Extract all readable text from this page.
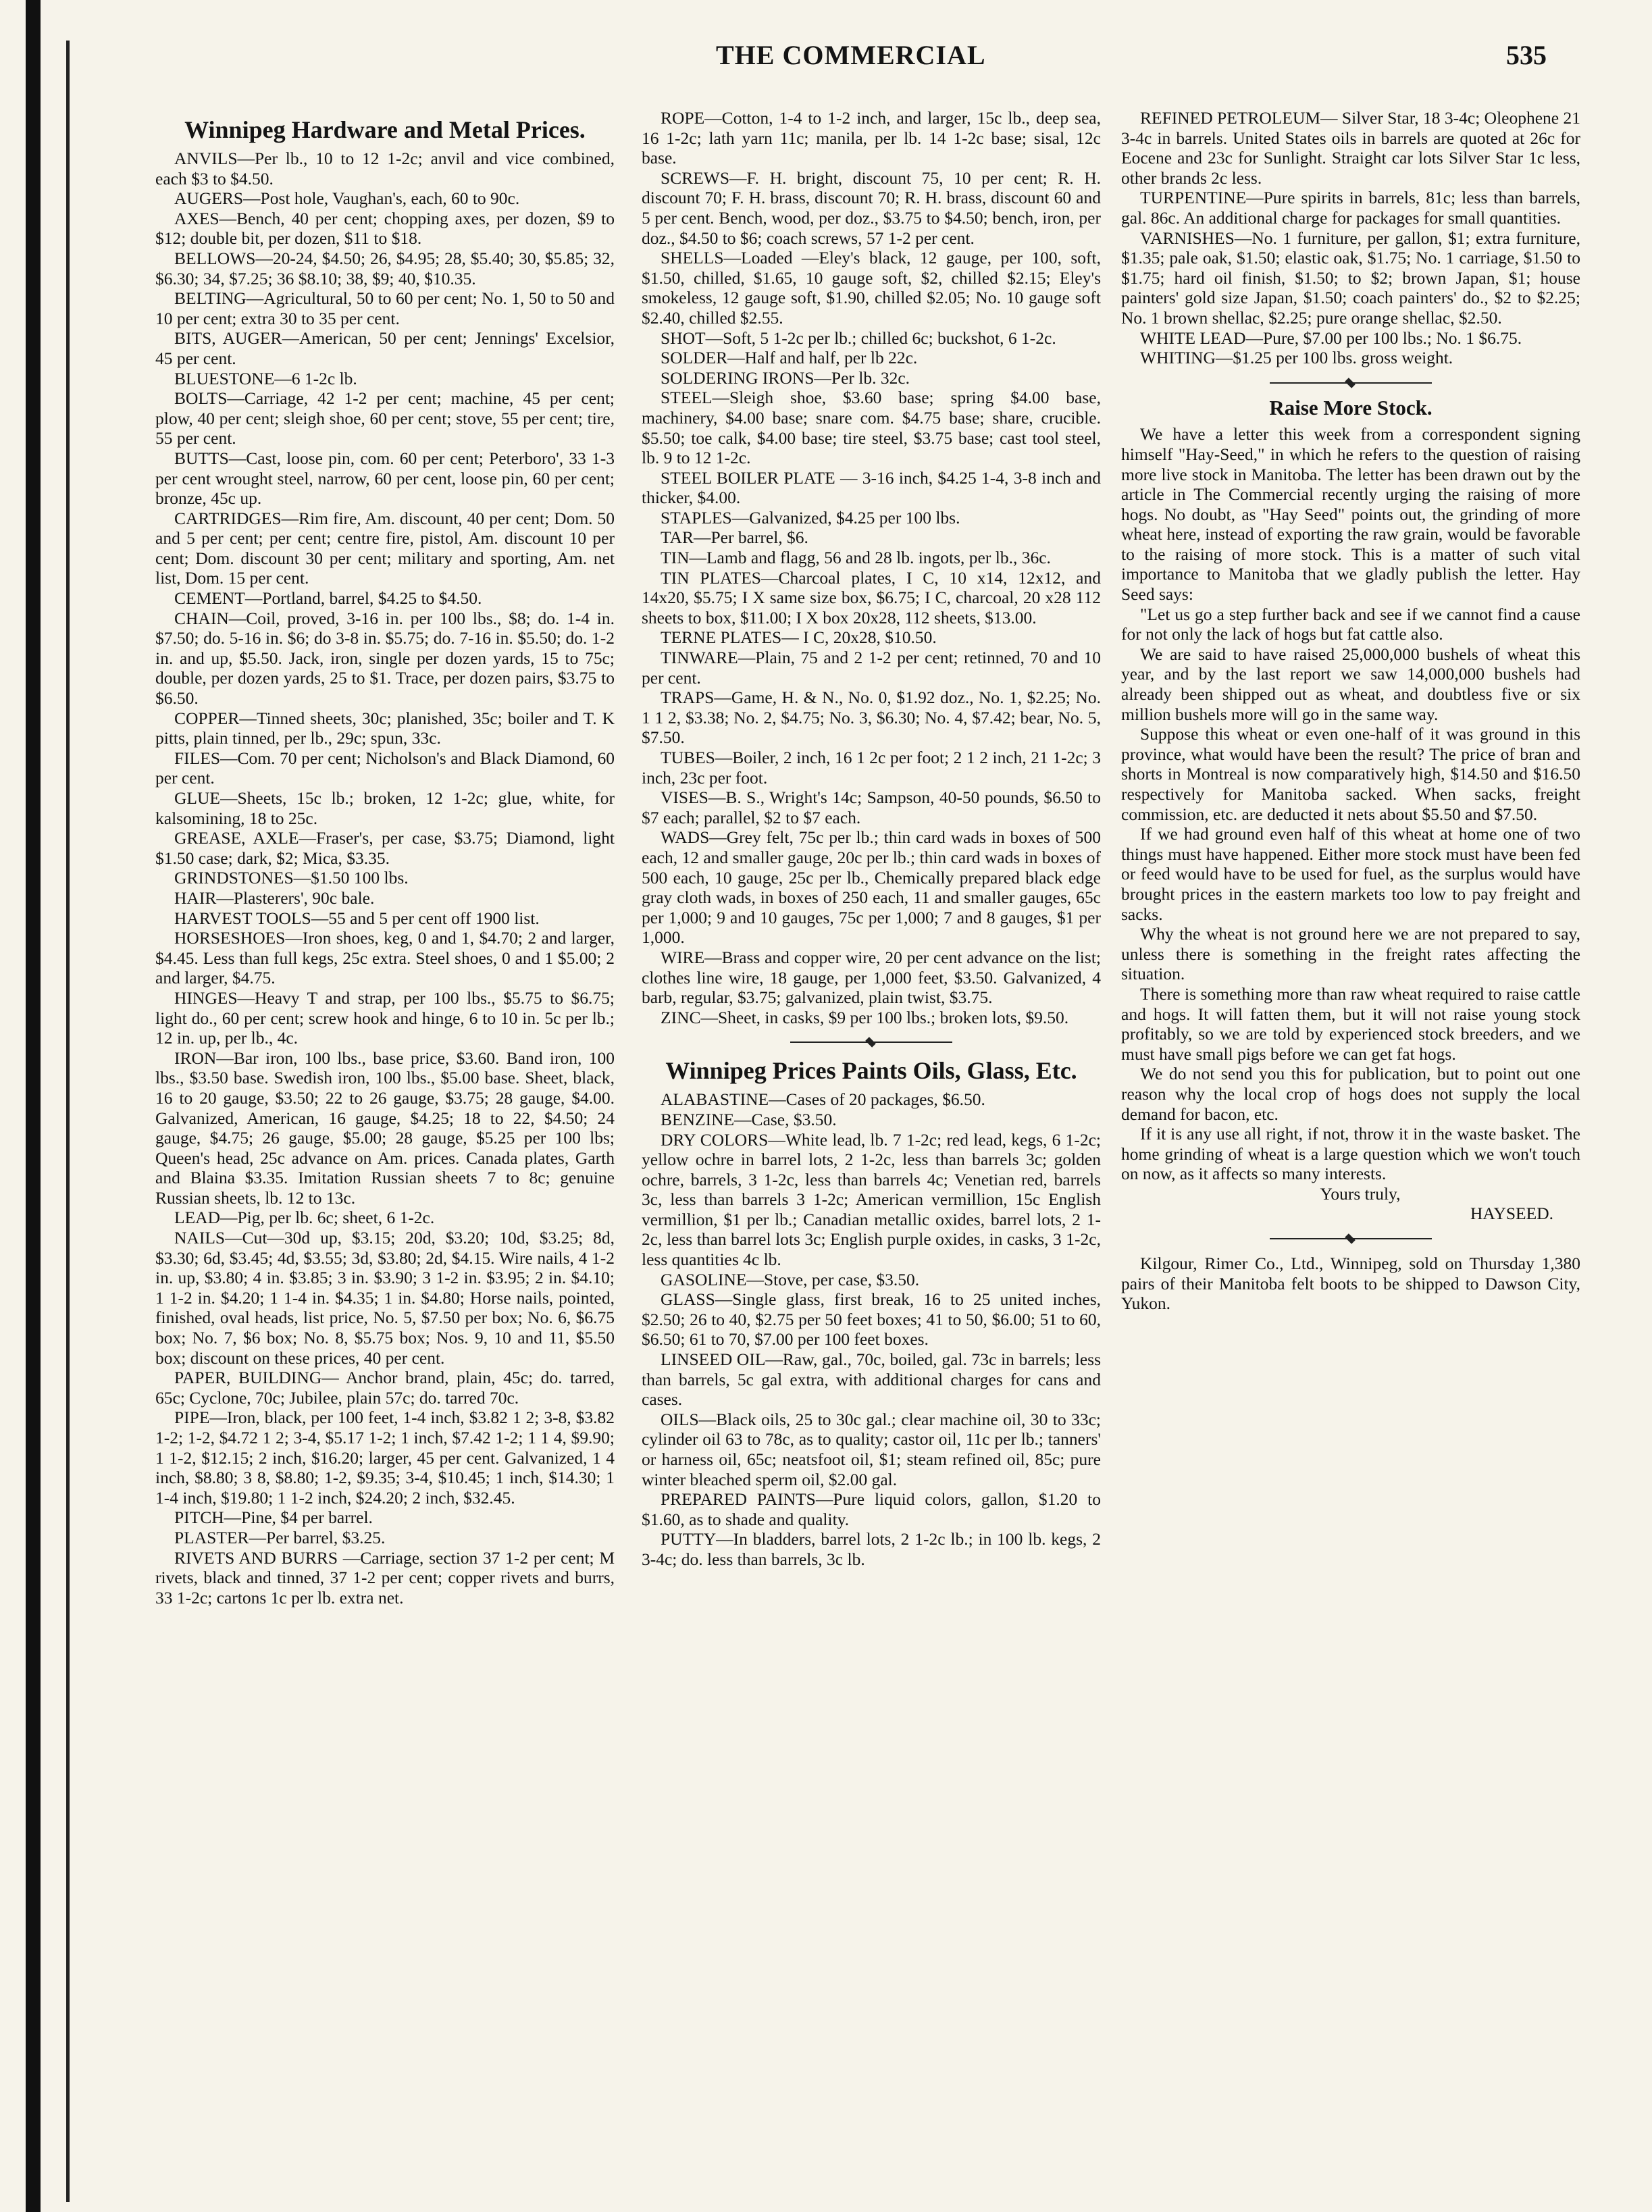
THE COMMERCIAL	535
Winnipeg Hardware and Metal Prices.

ANVILS—Per lb., 10 to 12 1-2c; anvil and vice combined, each $3 to $4.50.

AUGERS—Post hole, Vaughan's, each, 60 to 90c.

AXES—Bench, 40 per cent; chopping axes, per dozen, $9 to $12; double bit, per dozen, $11 to $18.

BELLOWS—20-24, $4.50; 26, $4.95; 28, $5.40; 30, $5.85; 32, $6.30; 34, $7.25; 36 $8.10; 38, $9; 40, $10.35.

BELTING—Agricultural, 50 to 60 per cent; No. 1, 50 to 50 and 10 per cent; extra 30 to 35 per cent.

BITS, AUGER—American, 50 per cent; Jennings' Excelsior, 45 per cent.

BLUESTONE—6 1-2c lb.

BOLTS—Carriage, 42 1-2 per cent; machine, 45 per cent; plow, 40 per cent; sleigh shoe, 60 per cent; stove, 55 per cent; tire, 55 per cent.

BUTTS—Cast, loose pin, com. 60 per cent; Peterboro', 33 1-3 per cent wrought steel, narrow, 60 per cent, loose pin, 60 per cent; bronze, 45c up.

CARTRIDGES—Rim fire, Am. discount, 40 per cent; Dom. 50 and 5 per cent; per cent; centre fire, pistol, Am. discount 10 per cent; Dom. discount 30 per cent; military and sporting, Am. net list, Dom. 15 per cent.

CEMENT—Portland, barrel, $4.25 to $4.50.

CHAIN—Coil, proved, 3-16 in. per 100 lbs., $8; do. 1-4 in. $7.50; do. 5-16 in. $6; do 3-8 in. $5.75; do. 7-16 in. $5.50; do. 1-2 in. and up, $5.50. Jack, iron, single per dozen yards, 15 to 75c; double, per dozen yards, 25 to $1. Trace, per dozen pairs, $3.75 to $6.50.

COPPER—Tinned sheets, 30c; planished, 35c; boiler and T. K pitts, plain tinned, per lb., 29c; spun, 33c.

FILES—Com. 70 per cent; Nicholson's and Black Diamond, 60 per cent.

GLUE—Sheets, 15c lb.; broken, 12 1-2c; glue, white, for kalsomining, 18 to 25c.

GREASE, AXLE—Fraser's, per case, $3.75; Diamond, light $1.50 case; dark, $2; Mica, $3.35.

GRINDSTONES—$1.50 100 lbs.

HAIR—Plasterers', 90c bale.

HARVEST TOOLS—55 and 5 per cent off 1900 list.

HORSESHOES—Iron shoes, keg, 0 and 1, $4.70; 2 and larger, $4.45. Less than full kegs, 25c extra. Steel shoes, 0 and 1 $5.00; 2 and larger, $4.75.

HINGES—Heavy T and strap, per 100 lbs., $5.75 to $6.75; light do., 60 per cent; screw hook and hinge, 6 to 10 in. 5c per lb.; 12 in. up, per lb., 4c.

IRON—Bar iron, 100 lbs., base price, $3.60. Band iron, 100 lbs., $3.50 base. Swedish iron, 100 lbs., $5.00 base. Sheet, black, 16 to 20 gauge, $3.50; 22 to 26 gauge, $3.75; 28 gauge, $4.00. Galvanized, American, 16 gauge, $4.25; 18 to 22, $4.50; 24 gauge, $4.75; 26 gauge, $5.00; 28 gauge, $5.25 per 100 lbs; Queen's head, 25c advance on Am. prices. Canada plates, Garth and Blaina $3.35. Imitation Russian sheets 7 to 8c; genuine Russian sheets, lb. 12 to 13c.

LEAD—Pig, per lb. 6c; sheet, 6 1-2c.

NAILS—Cut—30d up, $3.15; 20d, $3.20; 10d, $3.25; 8d, $3.30; 6d, $3.45; 4d, $3.55; 3d, $3.80; 2d, $4.15. Wire nails, 4 1-2 in. up, $3.80; 4 in. $3.85; 3 in. $3.90; 3 1-2 in. $3.95; 2 in. $4.10; 1 1-2 in. $4.20; 1 1-4 in. $4.35; 1 in. $4.80; Horse nails, pointed, finished, oval heads, list price, No. 5, $7.50 per box; No. 6, $6.75 box; No. 7, $6 box; No. 8, $5.75 box; Nos. 9, 10 and 11, $5.50 box; discount on these prices, 40 per cent.

PAPER, BUILDING— Anchor brand, plain, 45c; do. tarred, 65c; Cyclone, 70c; Jubilee, plain 57c; do. tarred 70c.

PIPE—Iron, black, per 100 feet, 1-4 inch, $3.82 1 2; 3-8, $3.82 1-2; 1-2, $4.72 1 2; 3-4, $5.17 1-2; 1 inch, $7.42 1-2; 1 1 4, $9.90; 1 1-2, $12.15; 2 inch, $16.20; larger, 45 per cent. Galvanized, 1 4 inch, $8.80; 3 8, $8.80; 1-2, $9.35; 3-4, $10.45; 1 inch, $14.30; 1 1-4 inch, $19.80; 1 1-2 inch, $24.20; 2 inch, $32.45.

PITCH—Pine, $4 per barrel.

PLASTER—Per barrel, $3.25.

RIVETS AND BURRS —Carriage, section 37 1-2 per cent; M rivets, black and tinned, 37 1-2 per cent; copper rivets and burrs, 33 1-2c; cartons 1c per lb. extra net.

ROPE—Cotton, 1-4 to 1-2 inch, and larger, 15c lb., deep sea, 16 1-2c; lath yarn 11c; manila, per lb. 14 1-2c base; sisal, 12c base.

SCREWS—F. H. bright, discount 75, 10 per cent; R. H. discount 70; F. H. brass, discount 70; R. H. brass, discount 60 and 5 per cent. Bench, wood, per doz., $3.75 to $4.50; bench, iron, per doz., $4.50 to $6; coach screws, 57 1-2 per cent.

SHELLS—Loaded —Eley's black, 12 gauge, per 100, soft, $1.50, chilled, $1.65, 10 gauge soft, $2, chilled $2.15; Eley's smokeless, 12 gauge soft, $1.90, chilled $2.05; No. 10 gauge soft $2.40, chilled $2.55.

SHOT—Soft, 5 1-2c per lb.; chilled 6c; buckshot, 6 1-2c.

SOLDER—Half and half, per lb 22c.

SOLDERING IRONS—Per lb. 32c.

STEEL—Sleigh shoe, $3.60 base; spring $4.00 base, machinery, $4.00 base; snare com. $4.75 base; share, crucible. $5.50; toe calk, $4.00 base; tire steel, $3.75 base; cast tool steel, lb. 9 to 12 1-2c.

STEEL BOILER PLATE — 3-16 inch, $4.25 1-4, 3-8 inch and thicker, $4.00.

STAPLES—Galvanized, $4.25 per 100 lbs.

TAR—Per barrel, $6.

TIN—Lamb and flagg, 56 and 28 lb. ingots, per lb., 36c.

TIN PLATES—Charcoal plates, I C, 10 x14, 12x12, and 14x20, $5.75; I X same size box, $6.75; I C, charcoal, 20 x28 112 sheets to box, $11.00; I X box 20x28, 112 sheets, $13.00.

TERNE PLATES— I C, 20x28, $10.50.

TINWARE—Plain, 75 and 2 1-2 per cent; retinned, 70 and 10 per cent.

TRAPS—Game, H. & N., No. 0, $1.92 doz., No. 1, $2.25; No. 1 1 2, $3.38; No. 2, $4.75; No. 3, $6.30; No. 4, $7.42; bear, No. 5, $7.50.

TUBES—Boiler, 2 inch, 16 1 2c per foot; 2 1 2 inch, 21 1-2c; 3 inch, 23c per foot.

VISES—B. S., Wright's 14c; Sampson, 40-50 pounds, $6.50 to $7 each; parallel, $2 to $7 each.

WADS—Grey felt, 75c per lb.; thin card wads in boxes of 500 each, 12 and smaller gauge, 20c per lb.; thin card wads in boxes of 500 each, 10 gauge, 25c per lb., Chemically prepared black edge gray cloth wads, in boxes of 250 each, 11 and smaller gauges, 65c per 1,000; 9 and 10 gauges, 75c per 1,000; 7 and 8 gauges, $1 per 1,000.

WIRE—Brass and copper wire, 20 per cent advance on the list; clothes line wire, 18 gauge, per 1,000 feet, $3.50. Galvanized, 4 barb, regular, $3.75; galvanized, plain twist, $3.75.

ZINC—Sheet, in casks, $9 per 100 lbs.; broken lots, $9.50.

Winnipeg Prices Paints Oils, Glass, Etc.

ALABASTINE—Cases of 20 packages, $6.50.

BENZINE—Case, $3.50.

DRY COLORS—White lead, lb. 7 1-2c; red lead, kegs, 6 1-2c; yellow ochre in barrel lots, 2 1-2c, less than barrels 3c; golden ochre, barrels, 3 1-2c, less than barrels 4c; Venetian red, barrels 3c, less than barrels 3 1-2c; American vermillion, 15c English vermillion, $1 per lb.; Canadian metallic oxides, barrel lots, 2 1-2c, less than barrel lots 3c; English purple oxides, in casks, 3 1-2c, less quantities 4c lb.

GASOLINE—Stove, per case, $3.50.

GLASS—Single glass, first break, 16 to 25 united inches, $2.50; 26 to 40, $2.75 per 50 feet boxes; 41 to 50, $6.00; 51 to 60, $6.50; 61 to 70, $7.00 per 100 feet boxes.

LINSEED OIL—Raw, gal., 70c, boiled, gal. 73c in barrels; less than barrels, 5c gal extra, with additional charges for cans and cases.

OILS—Black oils, 25 to 30c gal.; clear machine oil, 30 to 33c; cylinder oil 63 to 78c, as to quality; castor oil, 11c per lb.; tanners' or harness oil, 65c; neatsfoot oil, $1; steam refined oil, 85c; pure winter bleached sperm oil, $2.00 gal.

PREPARED PAINTS—Pure liquid colors, gallon, $1.20 to $1.60, as to shade and quality.

PUTTY—In bladders, barrel lots, 2 1-2c lb.; in 100 lb. kegs, 2 3-4c; do. less than barrels, 3c lb.

REFINED PETROLEUM— Silver Star, 18 3-4c; Oleophene 21 3-4c in barrels. United States oils in barrels are quoted at 26c for Eocene and 23c for Sunlight. Straight car lots Silver Star 1c less, other brands 2c less.

TURPENTINE—Pure spirits in barrels, 81c; less than barrels, gal. 86c. An additional charge for packages for small quantities.

VARNISHES—No. 1 furniture, per gallon, $1; extra furniture, $1.35; pale oak, $1.50; elastic oak, $1.75; No. 1 carriage, $1.50 to $1.75; hard oil finish, $1.50; to $2; brown Japan, $1; house painters' gold size Japan, $1.50; coach painters' do., $2 to $2.25; No. 1 brown shellac, $2.25; pure orange shellac, $2.50.

WHITE LEAD—Pure, $7.00 per 100 lbs.; No. 1 $6.75.

WHITING—$1.25 per 100 lbs. gross weight.

Raise More Stock.

We have a letter this week from a correspondent signing himself "Hay-Seed," in which he refers to the question of raising more live stock in Manitoba. The letter has been drawn out by the article in The Commercial recently urging the raising of more hogs. No doubt, as "Hay Seed" points out, the grinding of more wheat here, instead of exporting the raw grain, would be favorable to the raising of more stock. This is a matter of such vital importance to Manitoba that we gladly publish the letter. Hay Seed says:

"Let us go a step further back and see if we cannot find a cause for not only the lack of hogs but fat cattle also.

We are said to have raised 25,000,000 bushels of wheat this year, and by the last report we saw 14,000,000 bushels had already been shipped out as wheat, and doubtless five or six million bushels more will go in the same way.

Suppose this wheat or even one-half of it was ground in this province, what would have been the result? The price of bran and shorts in Montreal is now comparatively high, $14.50 and $16.50 respectively for Manitoba sacked. When sacks, freight commission, etc. are deducted it nets about $5.50 and $7.50.

If we had ground even half of this wheat at home one of two things must have happened. Either more stock must have been fed or feed would have to be used for fuel, as the surplus would have brought prices in the eastern markets too low to pay freight and sacks.

Why the wheat is not ground here we are not prepared to say, unless there is something in the freight rates affecting the situation.

There is something more than raw wheat required to raise cattle and hogs. It will fatten them, but it will not raise young stock profitably, so we are told by experienced stock breeders, and we must have small pigs before we can get fat hogs.

We do not send you this for publication, but to point out one reason why the local crop of hogs does not supply the local demand for bacon, etc.

If it is any use all right, if not, throw it in the waste basket. The home grinding of wheat is a large question which we won't touch on now, as it affects so many interests.

Yours truly,

HAYSEED.

Kilgour, Rimer Co., Ltd., Winnipeg, sold on Thursday 1,380 pairs of their Manitoba felt boots to be shipped to Dawson City, Yukon.
